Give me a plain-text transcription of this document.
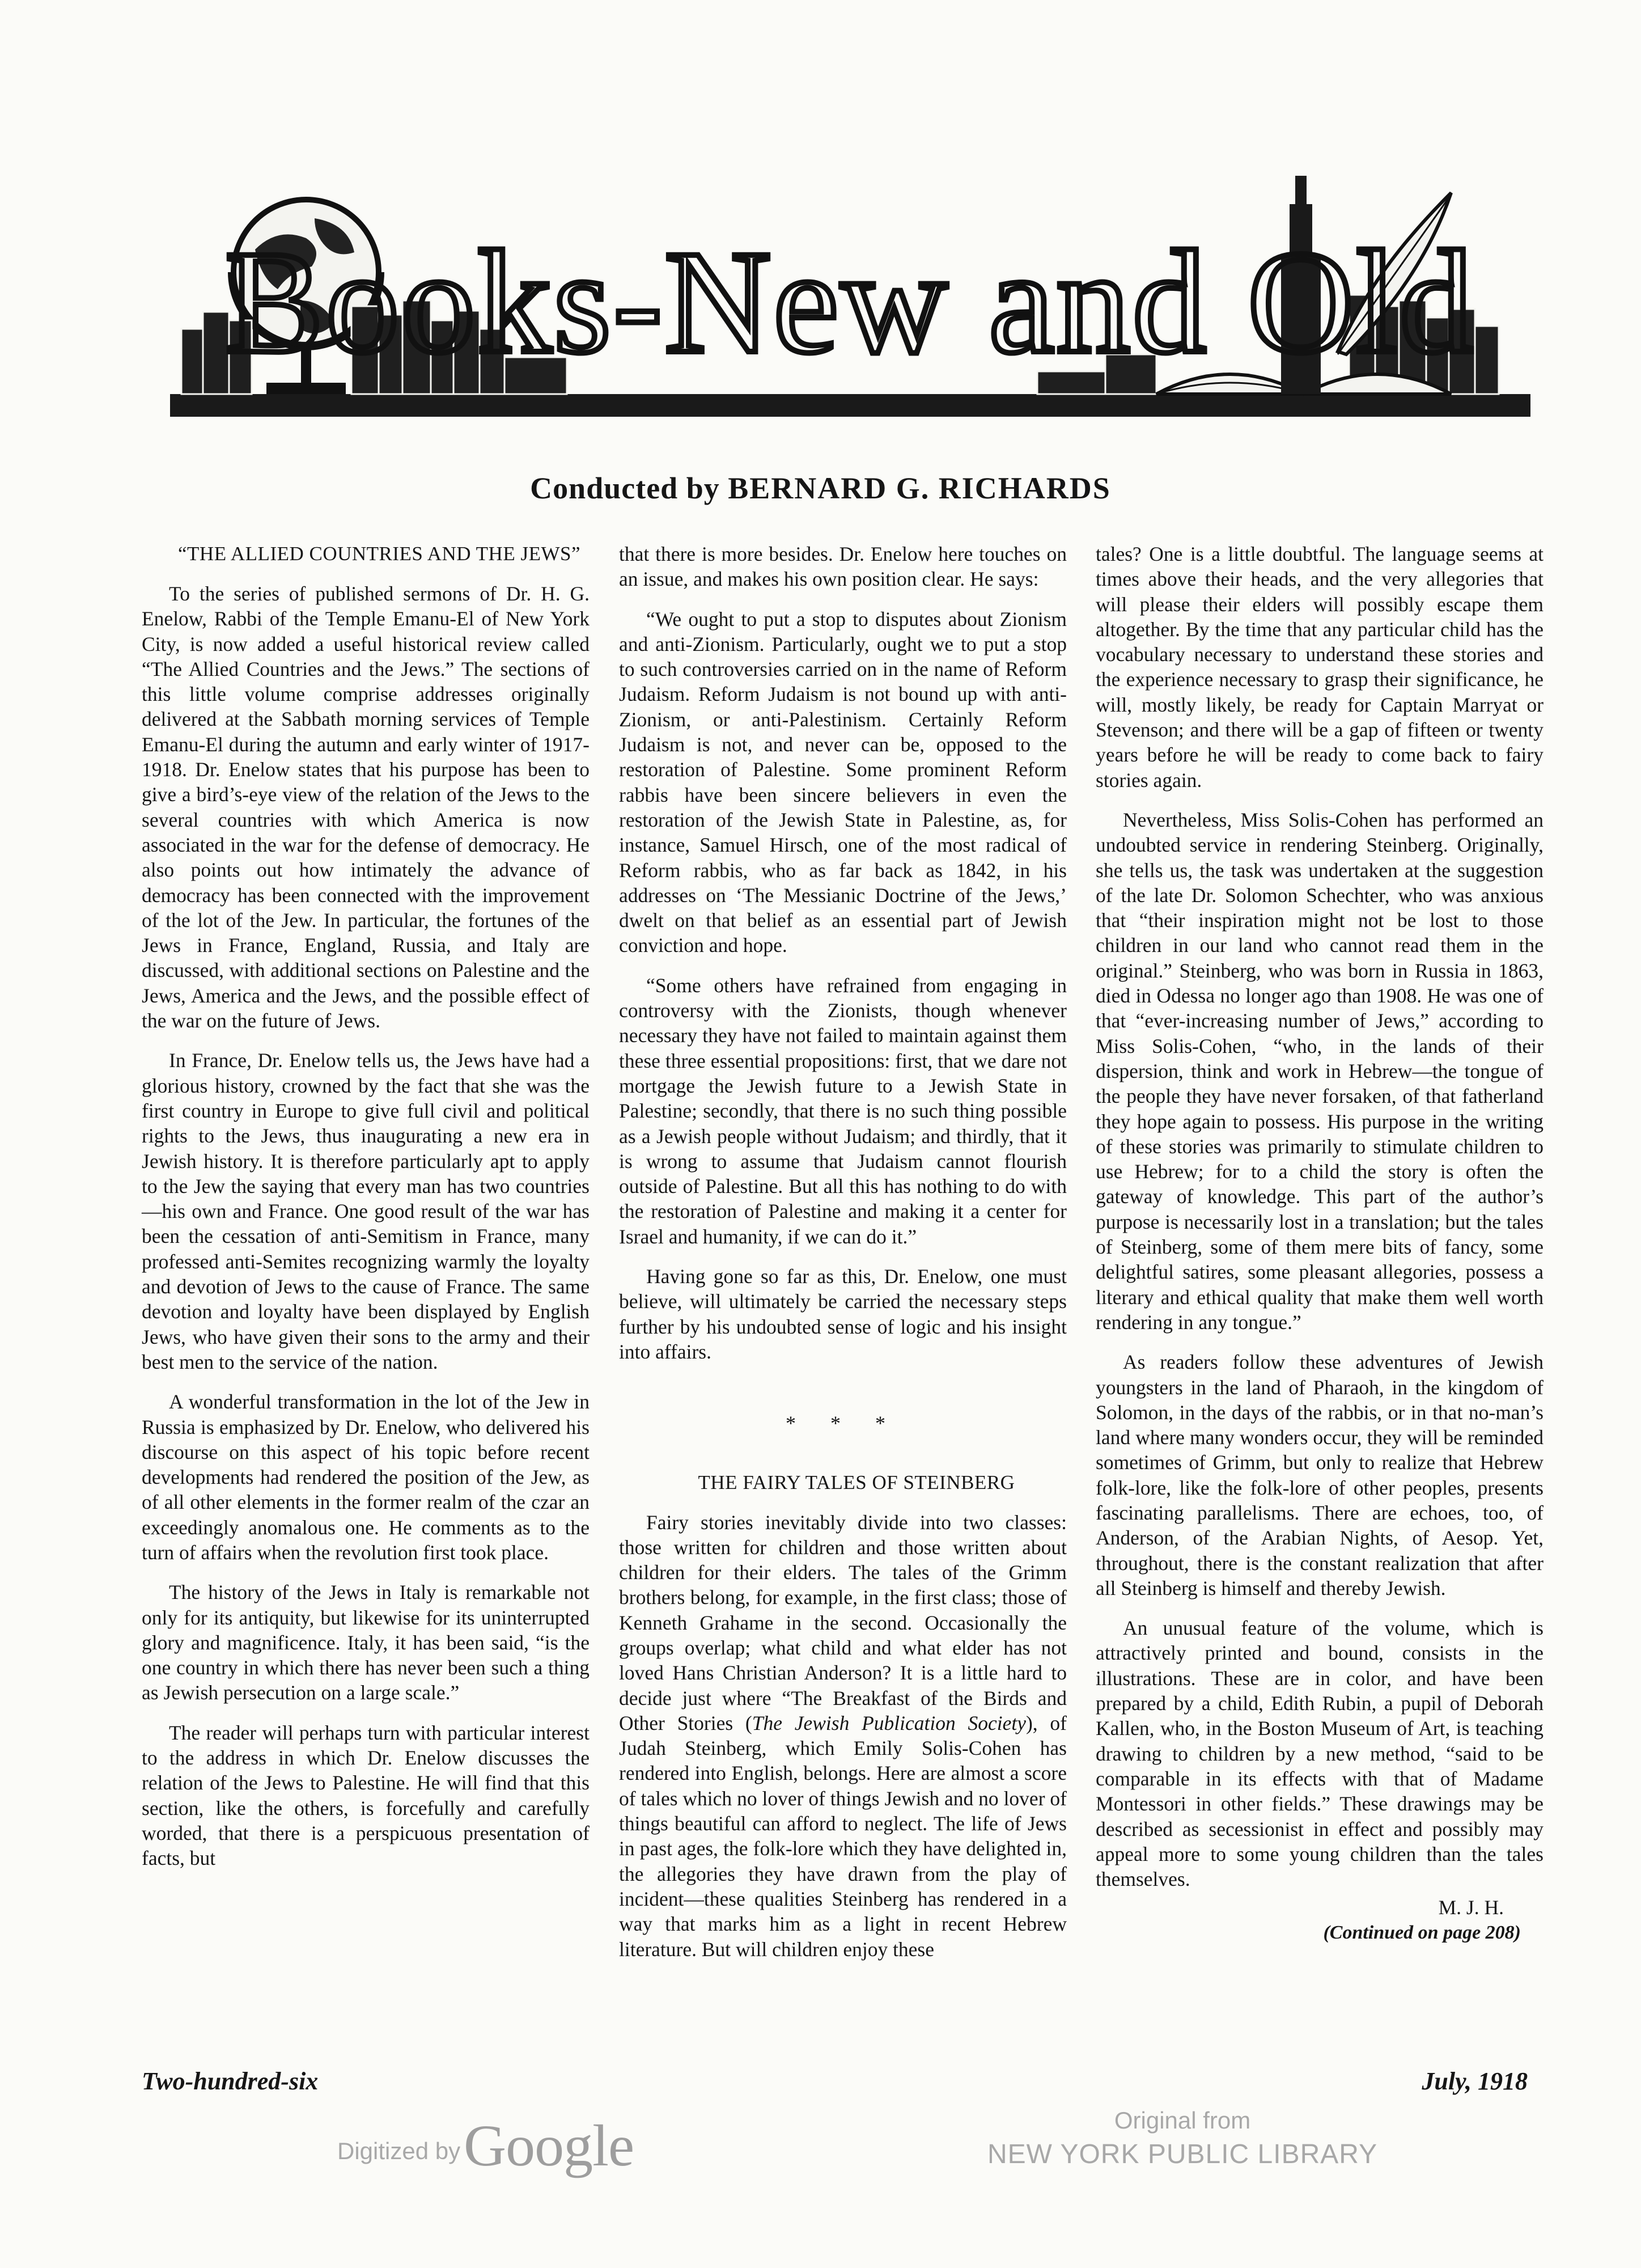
Books-New and Old
Conducted by BERNARD G. RICHARDS

“THE ALLIED COUNTRIES AND THE JEWS”

To the series of published sermons of Dr. H. G. Enelow, Rabbi of the Temple Emanu-El of New York City, is now added a useful historical review called “The Allied Countries and the Jews.” The sections of this little volume comprise addresses originally delivered at the Sabbath morning services of Temple Emanu-El during the autumn and early winter of 1917-1918. Dr. Enelow states that his purpose has been to give a bird’s-eye view of the relation of the Jews to the several countries with which America is now associated in the war for the defense of democracy. He also points out how intimately the advance of democracy has been connected with the improvement of the lot of the Jew. In particular, the fortunes of the Jews in France, England, Russia, and Italy are discussed, with additional sections on Palestine and the Jews, America and the Jews, and the possible effect of the war on the future of Jews.

In France, Dr. Enelow tells us, the Jews have had a glorious history, crowned by the fact that she was the first country in Europe to give full civil and political rights to the Jews, thus inaugurating a new era in Jewish history. It is therefore particularly apt to apply to the Jew the saying that every man has two countries—his own and France. One good result of the war has been the cessation of anti-Semitism in France, many professed anti-Semites recognizing warmly the loyalty and devotion of Jews to the cause of France. The same devotion and loyalty have been displayed by English Jews, who have given their sons to the army and their best men to the service of the nation.

A wonderful transformation in the lot of the Jew in Russia is emphasized by Dr. Enelow, who delivered his discourse on this aspect of his topic before recent developments had rendered the position of the Jew, as of all other elements in the former realm of the czar an exceedingly anomalous one. He comments as to the turn of affairs when the revolution first took place.

The history of the Jews in Italy is remarkable not only for its antiquity, but likewise for its uninterrupted glory and magnificence. Italy, it has been said, “is the one country in which there has never been such a thing as Jewish persecution on a large scale.”

The reader will perhaps turn with particular interest to the address in which Dr. Enelow discusses the relation of the Jews to Palestine. He will find that this section, like the others, is forcefully and carefully worded, that there is a perspicuous presentation of facts, but

that there is more besides. Dr. Enelow here touches on an issue, and makes his own position clear. He says:

“We ought to put a stop to disputes about Zionism and anti-Zionism. Particularly, ought we to put a stop to such controversies carried on in the name of Reform Judaism. Reform Judaism is not bound up with anti-Zionism, or anti-Palestinism. Certainly Reform Judaism is not, and never can be, opposed to the restoration of Palestine. Some prominent Reform rabbis have been sincere believers in even the restoration of the Jewish State in Palestine, as, for instance, Samuel Hirsch, one of the most radical of Reform rabbis, who as far back as 1842, in his addresses on ‘The Messianic Doctrine of the Jews,’ dwelt on that belief as an essential part of Jewish conviction and hope.

“Some others have refrained from engaging in controversy with the Zionists, though whenever necessary they have not failed to maintain against them these three essential propositions: first, that we dare not mortgage the Jewish future to a Jewish State in Palestine; secondly, that there is no such thing possible as a Jewish people without Judaism; and thirdly, that it is wrong to assume that Judaism cannot flourish outside of Palestine. But all this has nothing to do with the restoration of Palestine and making it a center for Israel and humanity, if we can do it.”

Having gone so far as this, Dr. Enelow, one must believe, will ultimately be carried the necessary steps further by his undoubted sense of logic and his insight into affairs.

* * *

THE FAIRY TALES OF STEINBERG

Fairy stories inevitably divide into two classes: those written for children and those written about children for their elders. The tales of the Grimm brothers belong, for example, in the first class; those of Kenneth Grahame in the second. Occasionally the groups overlap; what child and what elder has not loved Hans Christian Anderson? It is a little hard to decide just where “The Breakfast of the Birds and Other Stories (The Jewish Publication Society), of Judah Steinberg, which Emily Solis-Cohen has rendered into English, belongs. Here are almost a score of tales which no lover of things Jewish and no lover of things beautiful can afford to neglect. The life of Jews in past ages, the folk-lore which they have delighted in, the allegories they have drawn from the play of incident—these qualities Steinberg has rendered in a way that marks him as a light in recent Hebrew literature. But will children enjoy these

tales? One is a little doubtful. The language seems at times above their heads, and the very allegories that will please their elders will possibly escape them altogether. By the time that any particular child has the vocabulary necessary to understand these stories and the experience necessary to grasp their significance, he will, mostly likely, be ready for Captain Marryat or Stevenson; and there will be a gap of fifteen or twenty years before he will be ready to come back to fairy stories again.

Nevertheless, Miss Solis-Cohen has performed an undoubted service in rendering Steinberg. Originally, she tells us, the task was undertaken at the suggestion of the late Dr. Solomon Schechter, who was anxious that “their inspiration might not be lost to those children in our land who cannot read them in the original.” Steinberg, who was born in Russia in 1863, died in Odessa no longer ago than 1908. He was one of that “ever-increasing number of Jews,” according to Miss Solis-Cohen, “who, in the lands of their dispersion, think and work in Hebrew—the tongue of the people they have never forsaken, of that fatherland they hope again to possess. His purpose in the writing of these stories was primarily to stimulate children to use Hebrew; for to a child the story is often the gateway of knowledge. This part of the author’s purpose is necessarily lost in a translation; but the tales of Steinberg, some of them mere bits of fancy, some delightful satires, some pleasant allegories, possess a literary and ethical quality that make them well worth rendering in any tongue.”

As readers follow these adventures of Jewish youngsters in the land of Pharaoh, in the kingdom of Solomon, in the days of the rabbis, or in that no-man’s land where many wonders occur, they will be reminded sometimes of Grimm, but only to realize that Hebrew folk-lore, like the folk-lore of other peoples, presents fascinating parallelisms. There are echoes, too, of Anderson, of the Arabian Nights, of Aesop. Yet, throughout, there is the constant realization that after all Steinberg is himself and thereby Jewish.

An unusual feature of the volume, which is attractively printed and bound, consists in the illustrations. These are in color, and have been prepared by a child, Edith Rubin, a pupil of Deborah Kallen, who, in the Boston Museum of Art, is teaching drawing to children by a new method, “said to be comparable in its effects with that of Madame Montessori in other fields.” These drawings may be described as secessionist in effect and possibly may appeal more to some young children than the tales themselves.

M. J. H.
(Continued on page 208)
Two-hundred-six	July, 1918
Digitized by Google	Original from
NEW YORK PUBLIC LIBRARY
